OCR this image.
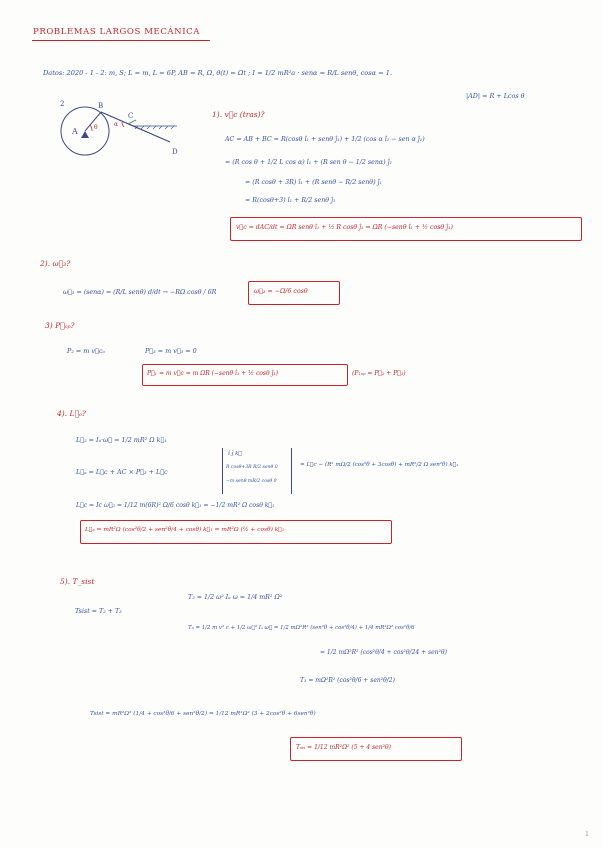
PROBLEMAS LARGOS MECÁNICA
Datos: 2020 - 1 - 2: m, S; L = m, L = 6P, AB = R, Ω, θ(t) = Ωt ; I = 1/2 mR²a · senα = R/L senθ, cosα = 1.
|AD| = R + Lcos θ
A
2	B
C
D
θ	α
1). v⃗c (tras)?
AC = AB + BC = R(cosθ î₁ + senθ ĵ₁) + 1/2 (cos α î₁ − sen α ĵ₁)
= (R cos θ + 1/2 L cos α) î₁ + (R sen θ − 1/2 senα) ĵ₁
= (R cosθ + 3R) î₁ + (R senθ − R/2 senθ) ĵ₁
= R(cosθ+3) î₁ + R/2 senθ ĵ₁
v⃗c = dAC/dt = ΩR senθ î₁ + ½ R cosθ ĵ₁ = ΩR (−senθ î₁ + ½ cosθ ĵ₁)
2). ω⃗₃?
ω⃗₃ = (senα) = (R/L senθ) d/dt → −RΩ cosθ / 6R	ω⃗₃ = −Ω/6 cosθ
3) P⃗ₒₚ?
P₂ = m v⃗cₒ	P⃗₃ = m v⃗₃ = 0
P⃗₁ = m v⃗c = m ΩR (−senθ î₁ + ½ cosθ ĵ₁)	(P₁ₒₚ = P⃗₂ + P⃗₃)
4). L⃗ₒ?
L⃗₂ = Iₐ·ω⃗ = 1/2 mR² Ω k⃗₁
L⃗ₐ = L⃗c + AC × P⃗₃ + L⃗c
î ĵ k⃗
R cosθ+3R R/2 senθ 0
−m senθ mR/2 cosθ 0
= L⃗c − (R² mΩ/2 (cos²θ + 3cosθ) + mR²/2 Ω sen²θ) k⃗₁
L⃗c = Ic ω⃗₃ = 1/12 m(6R)² Ω/6 cosθ k⃗₁ = −1/2 mR² Ω cosθ k⃗₁
L⃗ₐ = mR²Ω (cos²θ/2 + sen²θ/4 + cosθ) k⃗₁ = mR²Ω (½ + cosθ) k⃗₁
5). T_sist
T₂ = 1/2 ω² Iₐ ω = 1/4 mR² Ω²
Tsist = T₂ + T₃
T₃ = 1/2 m v² c + 1/2 ω⃗³ Iₐ ω⃗ = 1/2 mΩ²R² (sen²θ + cos²θ/4) + 1/4 mR²Ω² cos²θ/6
= 1/2 mΩ²R² (cos²θ/4 + cos²θ/24 + sen²θ)
T₃ = mΩ²R² (cos²θ/6 + sen²θ/2)
Tsist = mR²Ω² (1/4 + cos²θ/6 + sen²θ/2) = 1/12 mR²Ω² (3 + 2cos²θ + 6sen²θ)
Tₛᵢₛ = 1/12 mR²Ω² (5 + 4 sen²θ)
1
